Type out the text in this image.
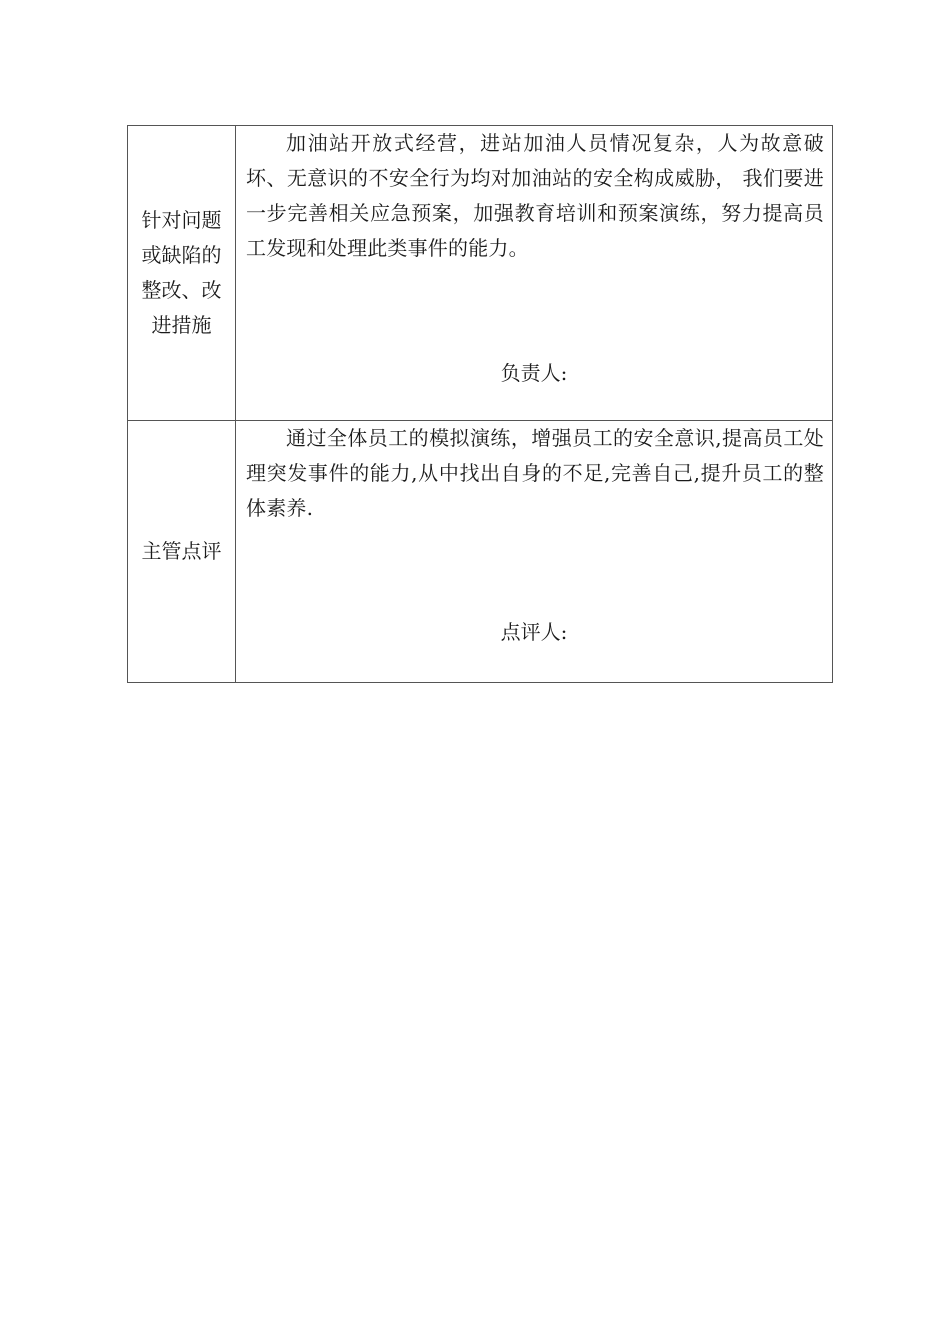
针对问题或缺陷的整改、改进措施	加油站开放式经营，进站加油人员情况复杂，人为故意破坏、无意识的不安全行为均对加油站的安全构成威胁， 我们要进一步完善相关应急预案，加强教育培训和预案演练，努力提高员工发现和处理此类事件的能力。

负责人:

主管点评	通过全体员工的模拟演练，增强员工的安全意识,提高员工处理突发事件的能力,从中找出自身的不足,完善自己,提升员工的整体素养.

点评人:
